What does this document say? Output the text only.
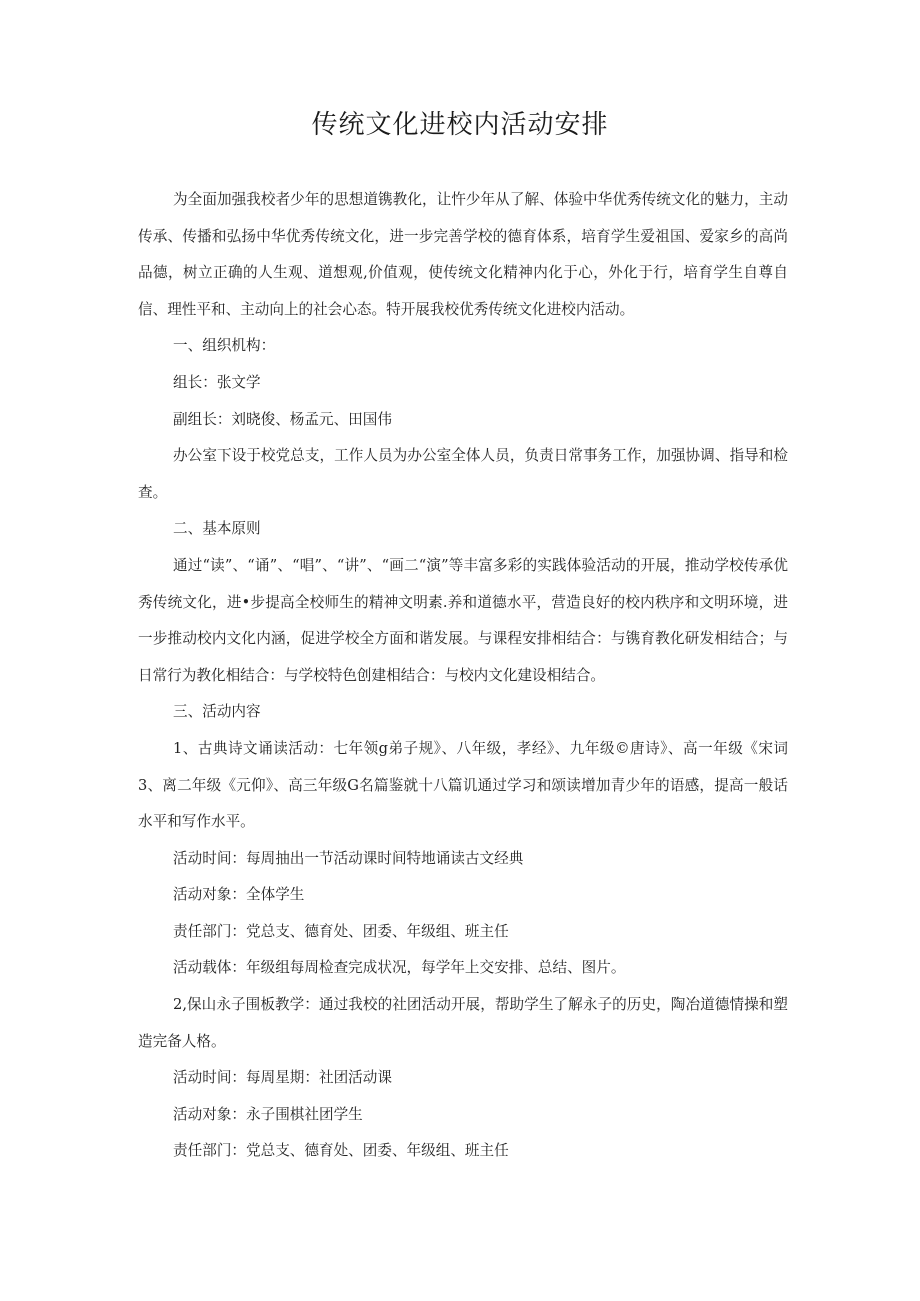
传统文化进校内活动安排

为全面加强我校者少年的思想道镌教化，让忤少年从了解、体验中华优秀传统文化的魅力，主动传承、传播和弘扬中华优秀传统文化，进一步完善学校的德育体系，培育学生爱祖国、爱家乡的高尚品德，树立正确的人生观、道想观,价值观，使传统文化精神内化于心，外化于行，培育学生自尊自信、理性平和、主动向上的社会心态。特开展我校优秀传统文化进校内活动。

一、组织机构：

组长：张文学

副组长：刘晓俊、杨孟元、田国伟

办公室下设于校党总支，工作人员为办公室全体人员，负责日常事务工作，加强协调、指导和检查。

二、基本原则

通过“读”、“诵”、“唱”、“讲”、“画二“演”等丰富多彩的实践体验活动的开展，推动学校传承优秀传统文化，进•步提高全校师生的精神文明素.养和道德水平，营造良好的校内秩序和文明环境，进一步推动校内文化内涵，促进学校全方面和谐发展。与课程安排相结合：与镌育教化研发相结合；与日常行为教化相结合：与学校特色创建相结合：与校内文化建设相结合。

三、活动内容

1、古典诗文诵读活动：七年领g弟子规》、八年级，孝经》、九年级©唐诗》、高一年级《宋词3、离二年级《元仰》、高三年级G名篇鉴就十八篇讥通过学习和颂读增加青少年的语感，提高一般话水平和写作水平。

活动时间：每周抽出一节活动课时间特地诵读古文经典

活动对象：全体学生

责任部门：党总支、德育处、团委、年级组、班主任

活动载体：年级组每周检查完成状况，每学年上交安排、总结、图片。

2,保山永子围板教学：通过我校的社团活动开展，帮助学生了解永子的历史，陶冶道德情操和塑造完备人格。

活动时间：每周星期：社团活动课

活动对象：永子围棋社团学生

责任部门：党总支、德育处、团委、年级组、班主任
